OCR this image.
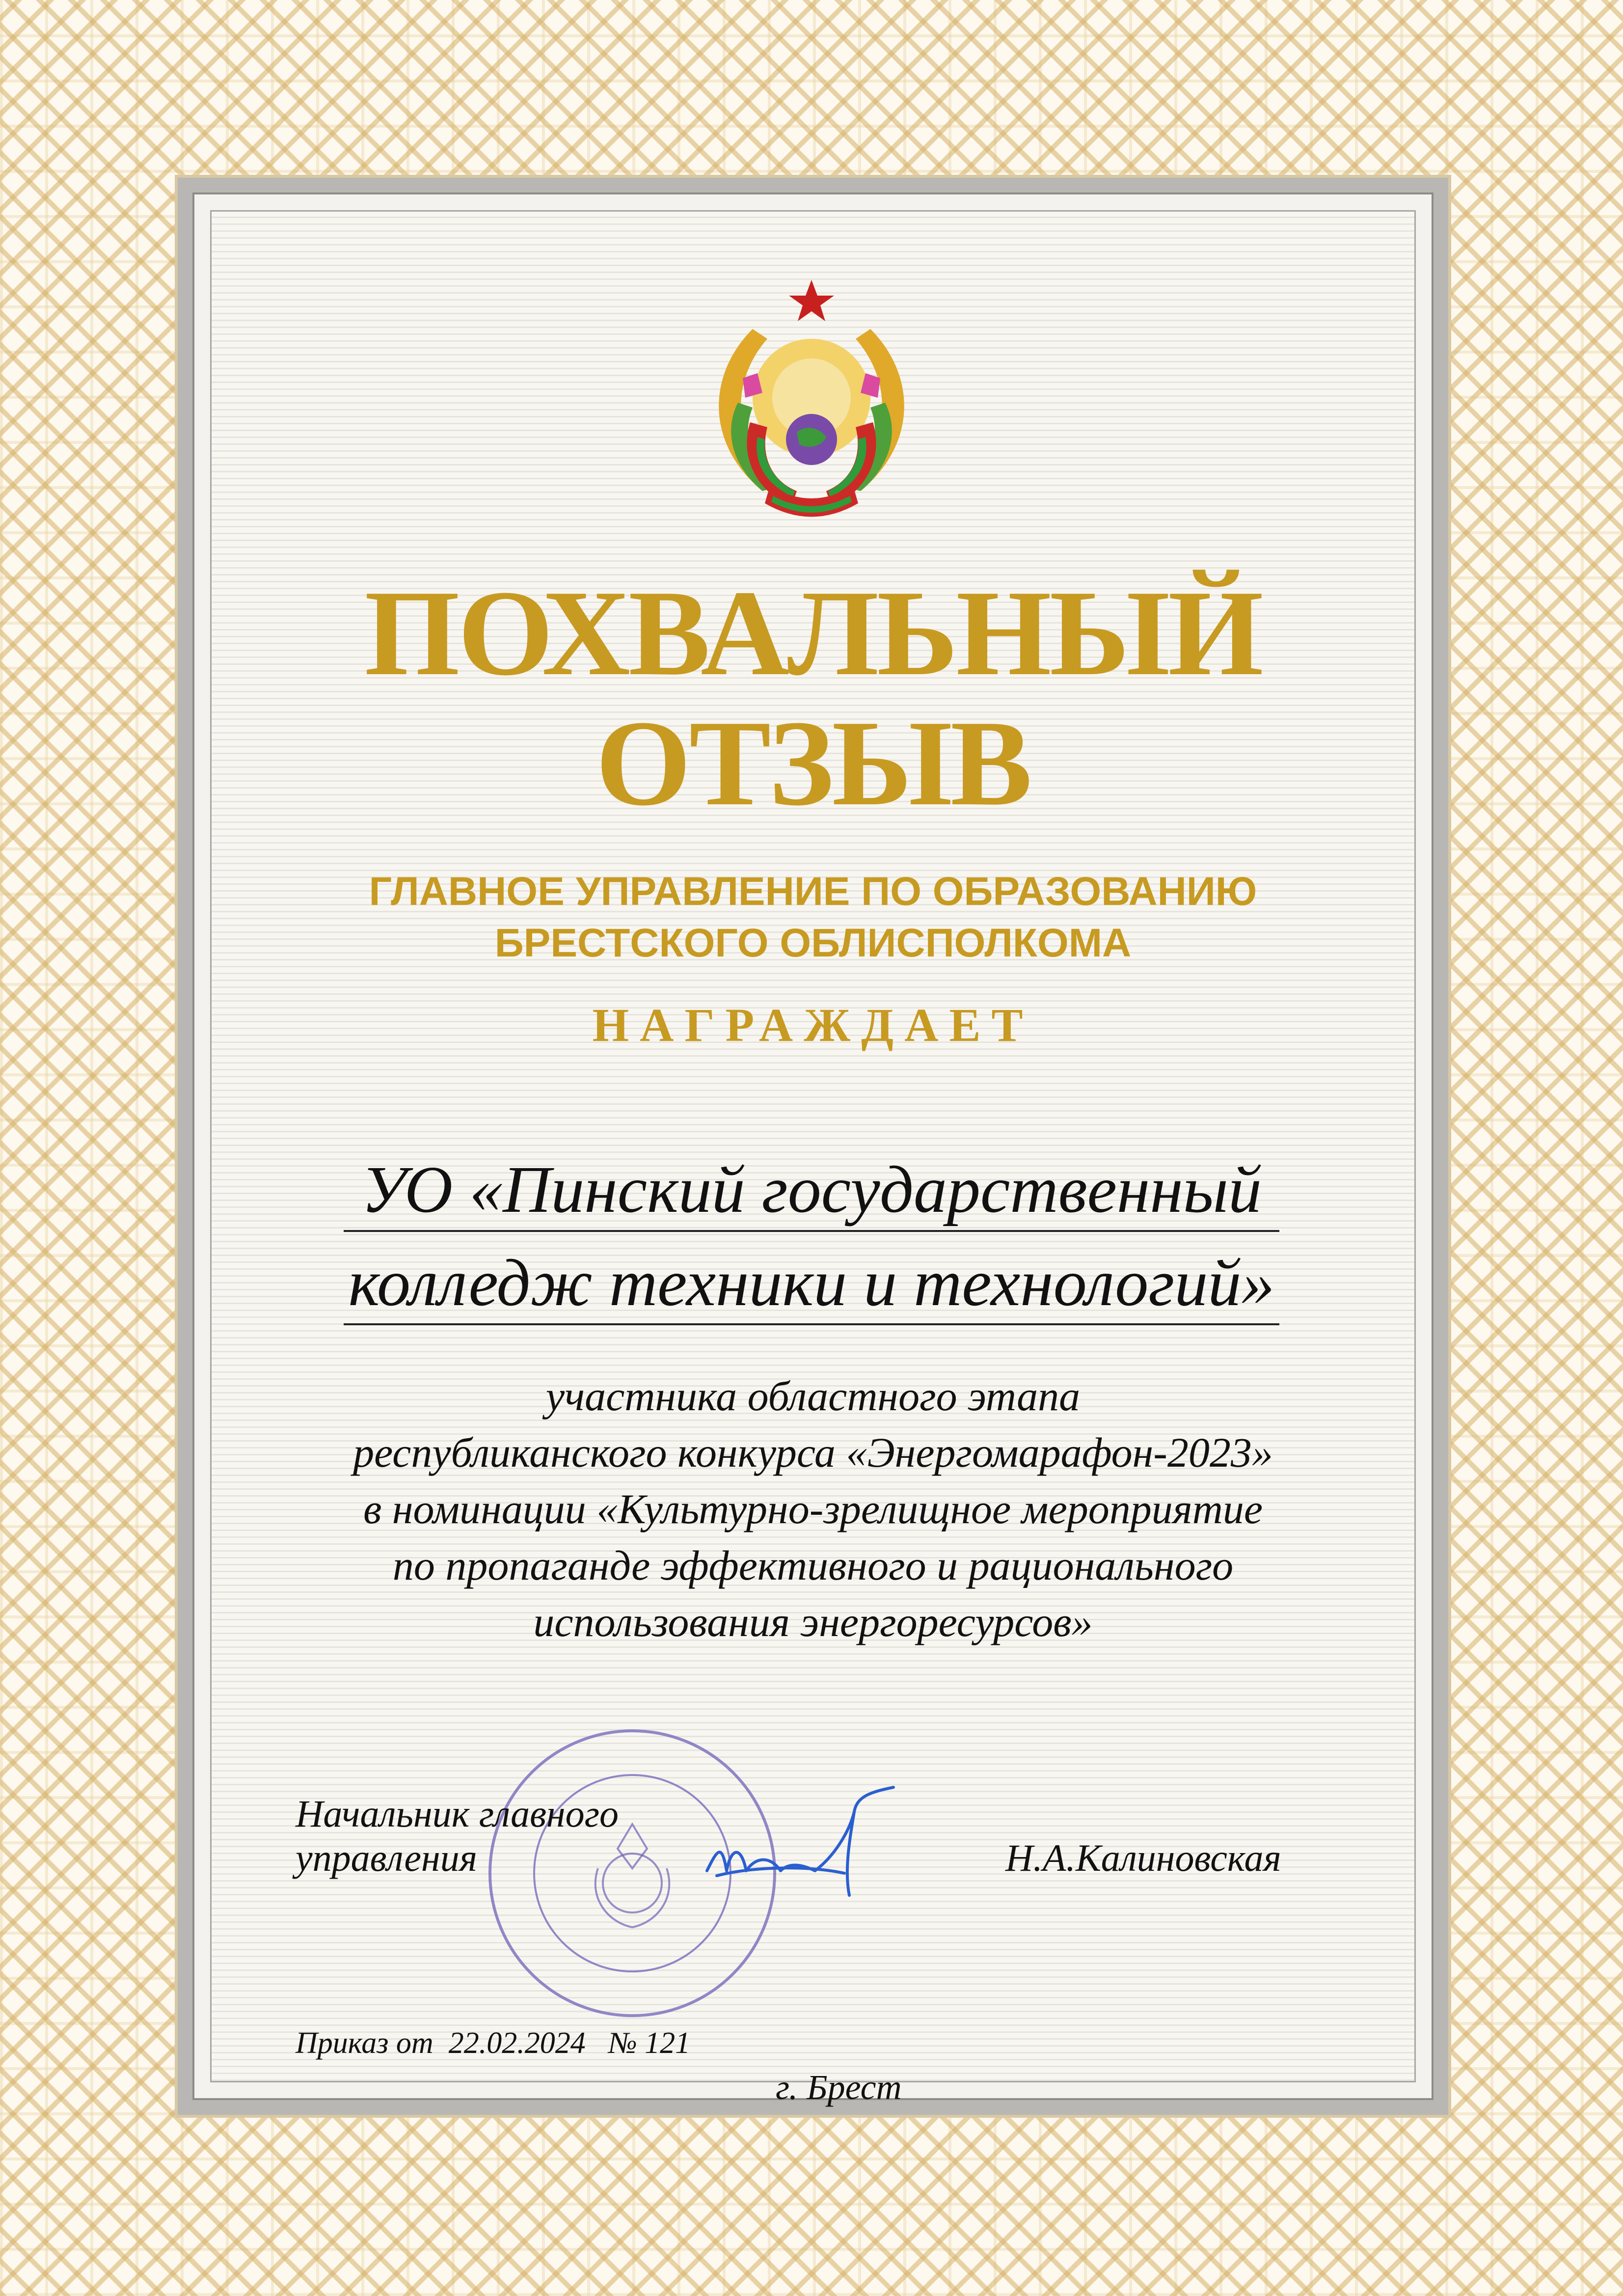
ПОХВАЛЬНЫЙ
ОТЗЫВ
ГЛАВНОЕ УПРАВЛЕНИЕ ПО ОБРАЗОВАНИЮ
БРЕСТСКОГО ОБЛИСПОЛКОМА
НАГРАЖДАЕТ
УО «Пинский государственный
колледж техники и технологий»
участника областного этапа
республиканского конкурса «Энергомарафон-2023»
в номинации «Культурно-зрелищное мероприятие
по пропаганде эффективного и рационального
использования энергоресурсов»
Начальник главного
управления	Н.А.Калиновская
Приказ от  22.02.2024   № 121
г. Брест
